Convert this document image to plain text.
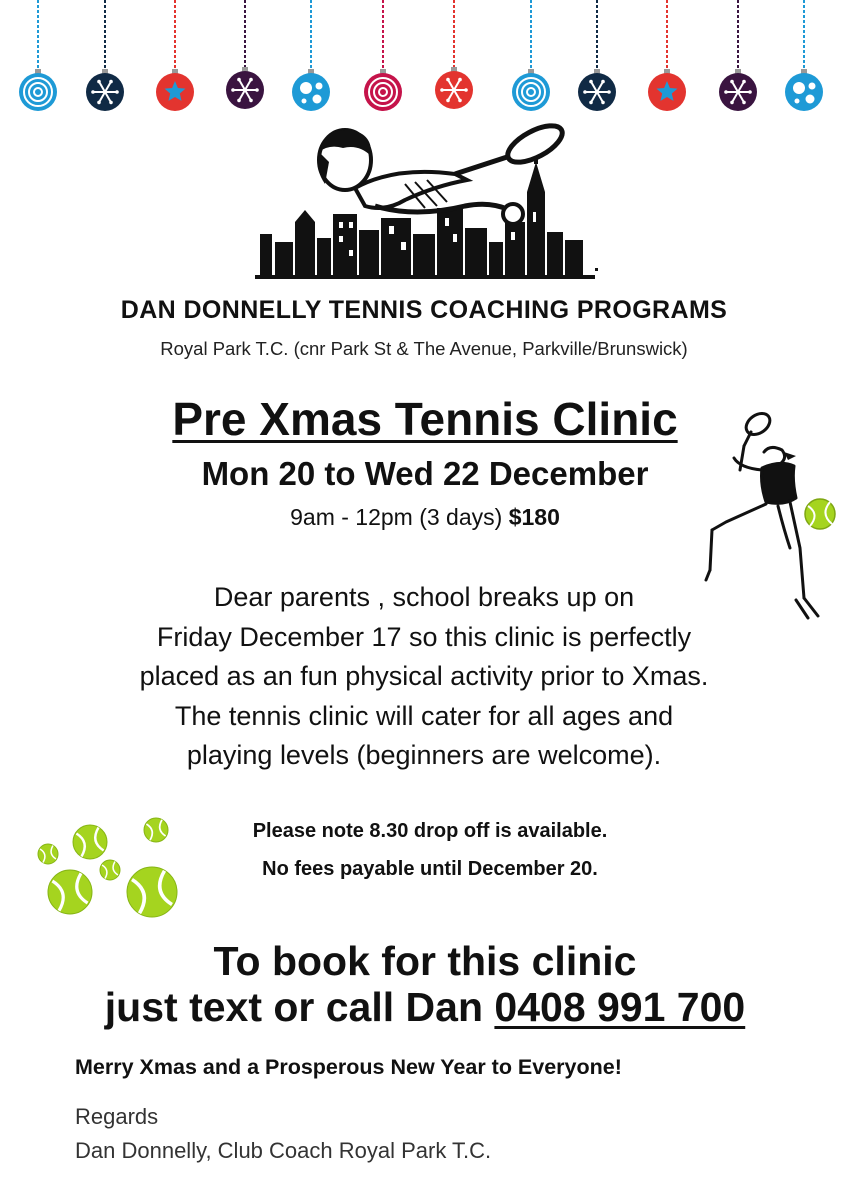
DAN DONNELLY TENNIS COACHING PROGRAMS
Royal Park T.C. (cnr Park St & The Avenue, Parkville/Brunswick)
Pre Xmas Tennis Clinic
Mon 20 to Wed 22 December
9am - 12pm (3 days) $180
Dear parents , school breaks up on
Friday December 17 so this clinic is perfectly
placed as an fun physical activity prior to Xmas.
The tennis clinic will cater for all ages and
playing levels (beginners are welcome).
Please note 8.30 drop off is available.
No fees payable until December 20.
To book for this clinic
just text or call Dan 0408 991 700
Merry Xmas and a Prosperous New Year to Everyone!
Regards
Dan Donnelly, Club Coach Royal Park T.C.
